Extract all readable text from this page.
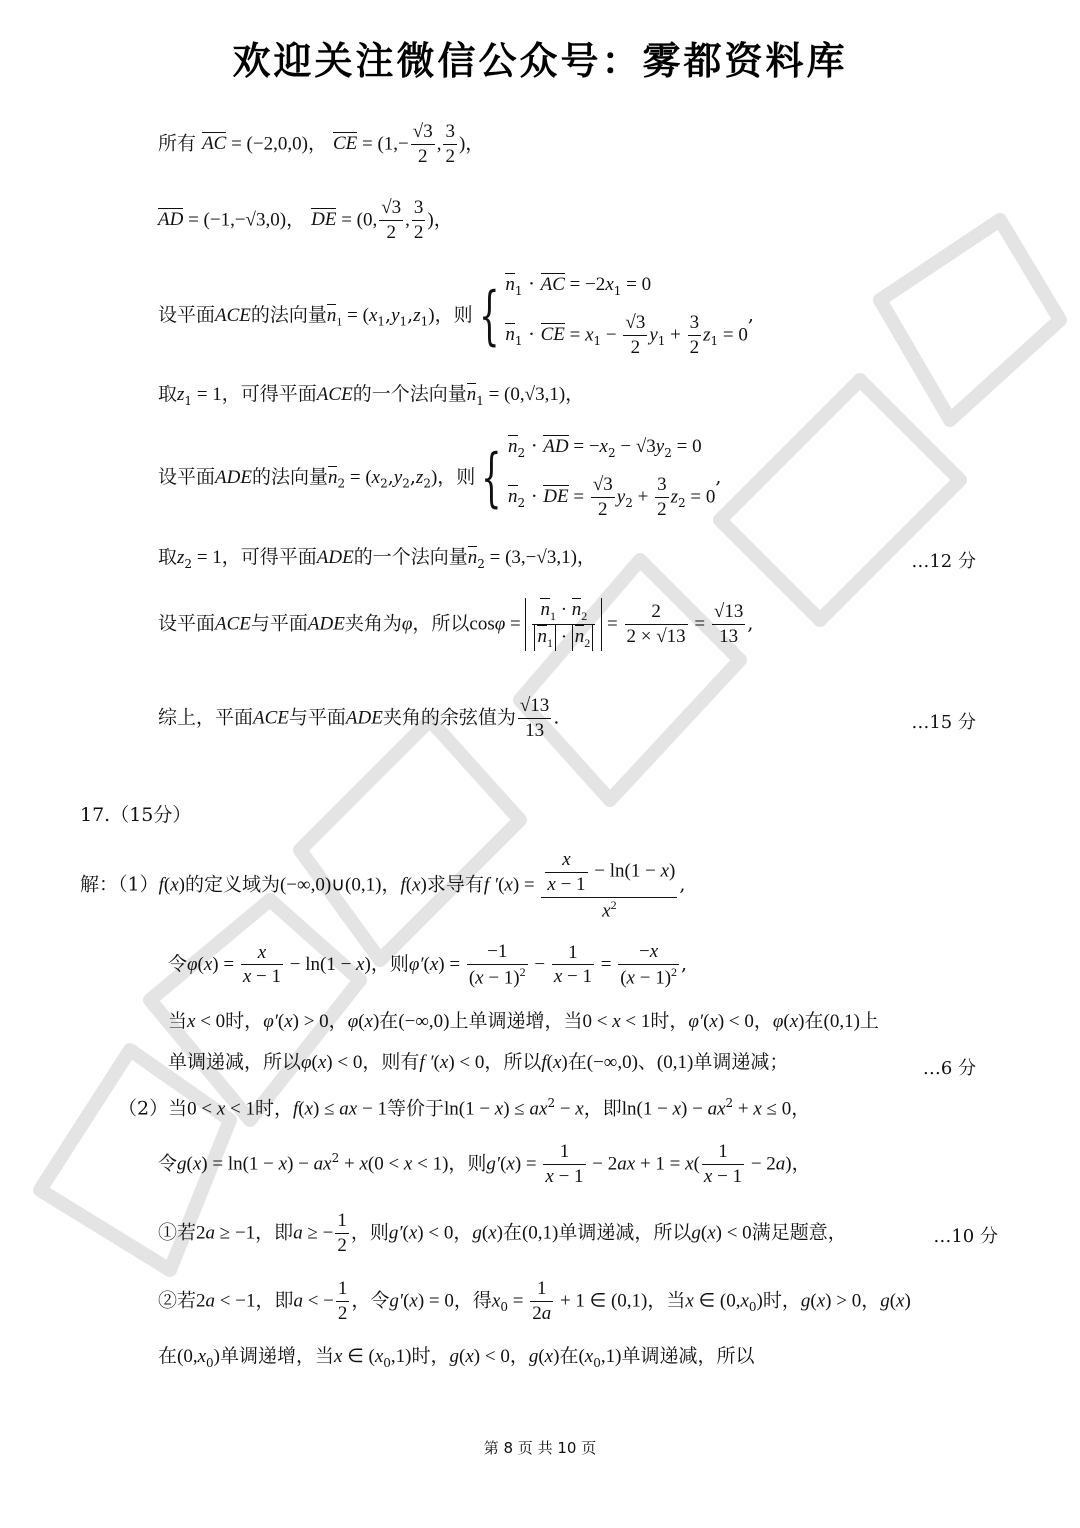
欢迎关注微信公众号：雾都资料库
所有 AC = (−2,0,0)， CE = ($1,- \frac{√3}{2}$ , $\frac{3}{2}$ )，
AD = (−1,−√3,0)， DE = (0, $\frac{√3}{2}$ , $\frac{3}{2}$ )，
设平面ACE的法向量$n_1 = (x_1,y_1,z_1)$，则{ $n_1$ · AC = $-2x_1 = 0$
$n_1$ · CE = $x_1 - \frac{√3}{2} y_1 + \frac{3}{2} z_1 = 0$
,
取$z_1 = 1$，可得平面ACE的一个法向量$n_1 = (0,√3,1)$，
设平面ADE的法向量$n_2 = (x_2,y_2,z_2)$，则{ $n_2$ · AD = $-x_2 - √3y_2 = 0$
$n_2$ · DE = $\frac{√3}{2} y_2 + \frac{3}{2} z_2 = 0$
,
取$z_2 = 1$，可得平面ADE的一个法向量$n_2 = (3,-√3,1)$，	…12 分
设平面ACE与平面ADE夹角为φ，所以$\cos\varphi = \frac{n_1 \cdot n_2}{n_1 \cdot n_2} = \frac{2}{2 \times √13} = \frac{√13}{13}$ ,
综上，平面ACE与平面ADE夹角的余弦值为 $\frac{√13}{13}$ .	…15 分
17.（15分）
解：（1）f(x)的定义域为(−∞,0)∪(0,1)，f(x)求导有f $'(x) = \frac{\frac{x}{x - 1} - \ln(1 - x)}{x^2}$ ,
令$\varphi(x) = \frac{x}{x - 1} - \ln(1 - x)$，则$\varphi'(x) = \frac{-1}{(x - 1)^2} - \frac{1}{x - 1} = \frac{-x}{(x - 1)^2}$ ,
当x < 0时，φ′(x) > 0，φ(x)在(−∞,0)上单调递增，当0 < x < 1时，φ′(x) < 0，φ(x)在(0,1)上
单调递减，所以φ(x) < 0，则有f ′(x) < 0，所以f(x)在(−∞,0)、(0,1)单调递减；	…6 分
（2）当0 < x < 1时，f(x) ≤ ax − 1等价于$\ln(1 - x) \le ax^2 - x$，即$\ln(1 - x) - ax^2 + x \le 0$，
令$g(x) = \ln(1 - x) - ax^2 + x(0 < x < 1)$，则$g'(x) = \frac{1}{x - 1} - 2ax + 1 = x( \frac{1}{x - 1} - 2a)$，
①若2a ≥ −1，即a ≥ − $\frac{1}{2}$ ，则g′(x) < 0，g(x)在(0,1)单调递减，所以g(x) < 0满足题意，	…10 分
②若2a < −1，即a < − $\frac{1}{2}$ ，令g′(x) = 0，得$x_0 = \frac{1}{2a} + 1$ ∈ (0,1)，当x ∈ $(0,x_0)$时，g(x) > 0，g(x)
在$(0,x_0)$单调递增，当x ∈ $(x_0,1)$时，g(x) < 0，g(x)在$(x_0,1)$单调递减，所以
第 8 页 共 10 页
